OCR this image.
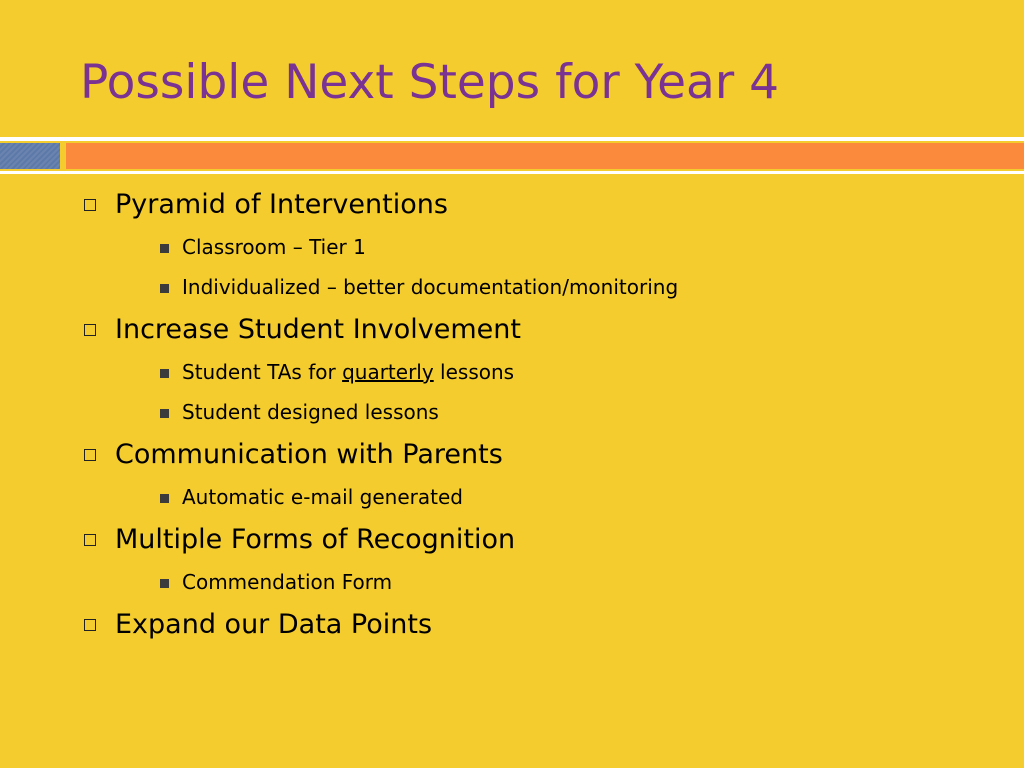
Possible Next Steps for Year 4
Pyramid of Interventions
Classroom – Tier 1
Individualized – better documentation/monitoring
Increase Student Involvement
Student TAs for quarterly lessons
Student designed lessons
Communication with Parents
Automatic e-mail generated
Multiple Forms of Recognition
Commendation Form
Expand our Data Points
